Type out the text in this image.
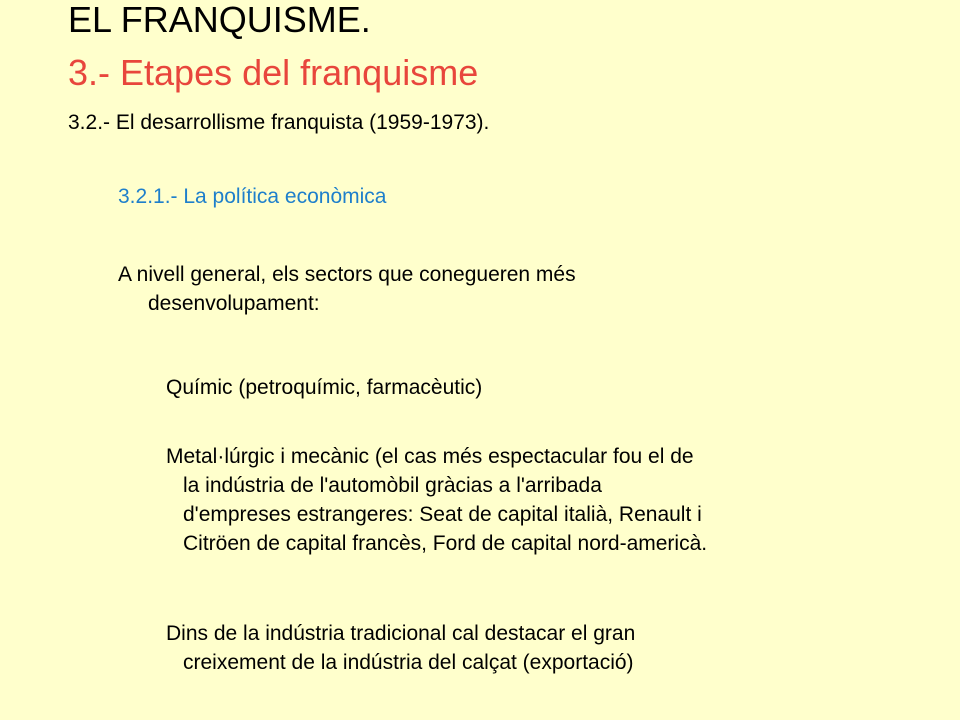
EL FRANQUISME.
3.- Etapes del franquisme
3.2.- El desarrollisme franquista (1959-1973).
3.2.1.- La política econòmica
A nivell general, els sectors que conegueren més
desenvolupament:
Químic (petroquímic, farmacèutic)
Metal·lúrgic i mecànic (el cas més espectacular fou el de
la indústria de l'automòbil gràcias a l'arribada
d'empreses estrangeres: Seat de capital italià, Renault i
Citröen de capital francès, Ford de capital nord-americà.
Dins de la indústria tradicional cal destacar el gran
creixement de la indústria del calçat (exportació)
